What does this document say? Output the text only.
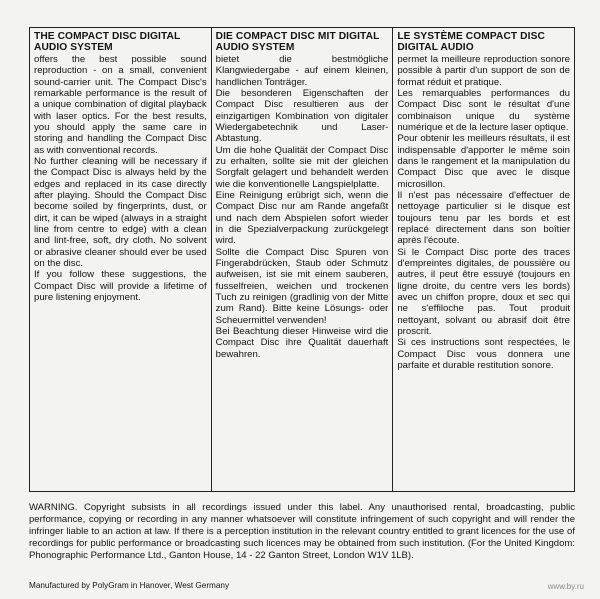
THE COMPACT DISC DIGITAL AUDIO SYSTEM

offers the best possible sound reproduction - on a small, convenient sound-carrier unit. The Compact Disc's remarkable performance is the result of a unique combination of digital playback with laser optics. For the best results, you should apply the same care in storing and handling the Compact Disc as with conventional records.

No further cleaning will be necessary if the Compact Disc is always held by the edges and replaced in its case directly after playing. Should the Compact Disc become soiled by fingerprints, dust, or dirt, it can be wiped (always in a straight line from centre to edge) with a clean and lint-free, soft, dry cloth. No solvent or abrasive cleaner should ever be used on the disc.

If you follow these suggestions, the Compact Disc will provide a lifetime of pure listening enjoyment.

DIE COMPACT DISC MIT DIGITAL AUDIO SYSTEM

bietet die bestmögliche Klangwiedergabe - auf einem kleinen, handlichen Tonträger.

Die besonderen Eigenschaften der Compact Disc resultieren aus der einzigartigen Kombination von digitaler Wiedergabetechnik und Laser-Abtastung.

Um die hohe Qualität der Compact Disc zu erhalten, sollte sie mit der gleichen Sorgfalt gelagert und behandelt werden wie die konventionelle Langspielplatte.

Eine Reinigung erübrigt sich, wenn die Compact Disc nur am Rande angefaßt und nach dem Abspielen sofort wieder in die Spezialverpackung zurückgelegt wird.

Sollte die Compact Disc Spuren von Fingerabdrücken, Staub oder Schmutz aufweisen, ist sie mit einem sauberen, fusselfreien, weichen und trockenen Tuch zu reinigen (gradlinig von der Mitte zum Rand). Bitte keine Lösungs- oder Scheuermittel verwenden!

Bei Beachtung dieser Hinweise wird die Compact Disc ihre Qualität dauerhaft bewahren.

LE SYSTÈME COMPACT DISC DIGITAL AUDIO

permet la meilleure reproduction sonore possible à partir d'un support de son de format réduit et pratique.

Les remarquables performances du Compact Disc sont le résultat d'une combinaison unique du système numérique et de la lecture laser optique.

Pour obtenir les meilleurs résultats, il est indispensable d'apporter le même soin dans le rangement et la manipulation du Compact Disc que avec le disque microsillon.

Il n'est pas nécessaire d'effectuer de nettoyage particulier si le disque est toujours tenu par les bords et est replacé directement dans son boîtier après l'écoute.

Si le Compact Disc porte des traces d'empreintes digitales, de poussière ou autres, il peut être essuyé (toujours en ligne droite, du centre vers les bords) avec un chiffon propre, doux et sec qui ne s'effiloche pas. Tout produit nettoyant, solvant ou abrasif doit être proscrit.

Si ces instructions sont respectées, le Compact Disc vous donnera une parfaite et durable restitution sonore.

WARNING. Copyright subsists in all recordings issued under this label. Any unauthorised rental, broadcasting, public performance, copying or recording in any manner whatsoever will constitute infringement of such copyright and will render the infringer liable to an action at law. If there is a perception institution in the relevant country entitled to grant licences for the use of recordings for public performance or broadcasting such licences may be obtained from such institution. (For the United Kingdom: Phonographic Performance Ltd., Ganton House, 14 - 22 Ganton Street, London W1V 1LB).

Manufactured by PolyGram in Hanover, West Germany	www.by.ru
